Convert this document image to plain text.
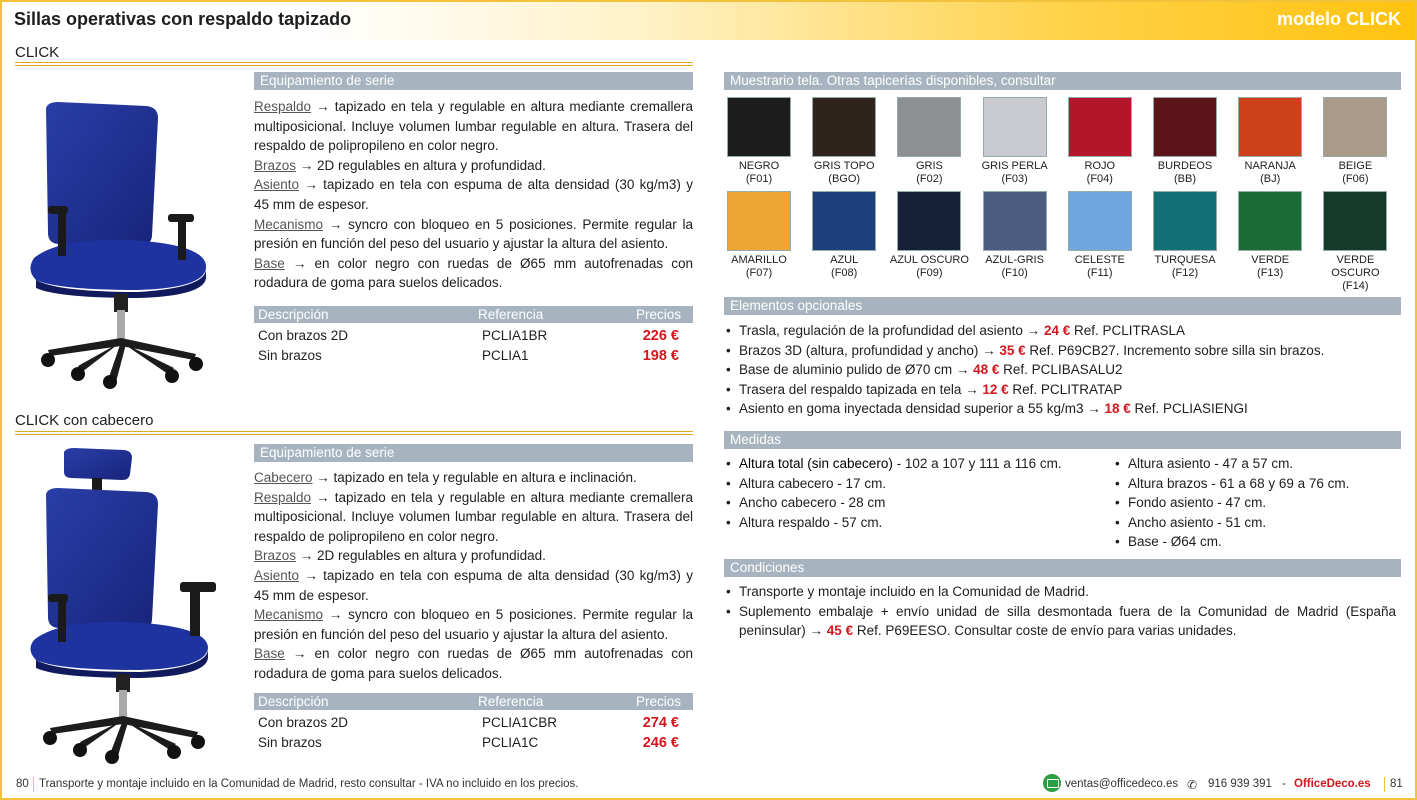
Sillas operativas con respaldo tapizado	modelo CLICK
CLICK
Equipamiento de serie

Respaldo → tapizado en tela y regulable en altura mediante cremallera multiposicional. Incluye volumen lumbar regulable en altura. Trasera del respaldo de polipropileno en color negro.

Brazos → 2D regulables en altura y profundidad.

Asiento → tapizado en tela con espuma de alta densidad (30 kg/m3) y 45 mm de espesor.

Mecanismo → syncro con bloqueo en 5 posiciones. Permite regular la presión en función del peso del usuario y ajustar la altura del asiento.

Base → en color negro con ruedas de Ø65 mm autofrenadas con rodadura de goma para suelos delicados.

Descripción	Referencia	Precios
Con brazos 2D	PCLIA1BR	226 €
Sin brazos	PCLIA1	198 €
CLICK con cabecero
Equipamiento de serie

Cabecero → tapizado en tela y regulable en altura e inclinación.

Respaldo → tapizado en tela y regulable en altura mediante cremallera multiposicional. Incluye volumen lumbar regulable en altura. Trasera del respaldo de polipropileno en color negro.

Brazos → 2D regulables en altura y profundidad.

Asiento → tapizado en tela con espuma de alta densidad (30 kg/m3) y 45 mm de espesor.

Mecanismo → syncro con bloqueo en 5 posiciones. Permite regular la presión en función del peso del usuario y ajustar la altura del asiento.

Base → en color negro con ruedas de Ø65 mm autofrenadas con rodadura de goma para suelos delicados.

Descripción	Referencia	Precios
Con brazos 2D	PCLIA1CBR	274 €
Sin brazos	PCLIA1C	246 €
Muestrario tela. Otras tapicerías disponibles, consultar
NEGRO
(F01)
GRIS TOPO
(BGO)
GRIS
(F02)
GRIS PERLA
(F03)
ROJO
(F04)
BURDEOS
(BB)
NARANJA
(BJ)
BEIGE
(F06)
AMARILLO
(F07)
AZUL
(F08)
AZUL OSCURO
(F09)
AZUL-GRIS
(F10)
CELESTE
(F11)
TURQUESA
(F12)
VERDE
(F13)
VERDE OSCURO
(F14)
Elementos opcionales
• Trasla, regulación de la profundidad del asiento → 24 € Ref. PCLITRASLA
• Brazos 3D (altura, profundidad y ancho) → 35 € Ref. P69CB27. Incremento sobre silla sin brazos.
• Base de aluminio pulido de Ø70 cm → 48 € Ref. PCLIBASALU2
• Trasera del respaldo tapizada en tela → 12 € Ref. PCLITRATAP
• Asiento en goma inyectada densidad superior a 55 kg/m3 → 18 € Ref. PCLIASIENGI
Medidas
• Altura total (sin cabecero) - 102 a 107 y 111 a 116 cm.
• Altura cabecero - 17 cm.
• Ancho cabecero - 28 cm
• Altura respaldo - 57 cm.
• Altura asiento - 47 a 57 cm.
• Altura brazos - 61 a 68 y 69 a 76 cm.
• Fondo asiento - 47 cm.
• Ancho asiento - 51 cm.
• Base - Ø64 cm.
Condiciones
• Transporte y montaje incluido en la Comunidad de Madrid.
• Suplemento embalaje + envío unidad de silla desmontada fuera de la Comunidad de Madrid (España peninsular) → 45 € Ref. P69EESO. Consultar coste de envío para varias unidades.
80 Transporte y montaje incluido en la Comunidad de Madrid, resto consultar - IVA no incluido en los precios.	ventas@officedeco.es ✆ 916 939 391 - OfficeDeco.es 81
